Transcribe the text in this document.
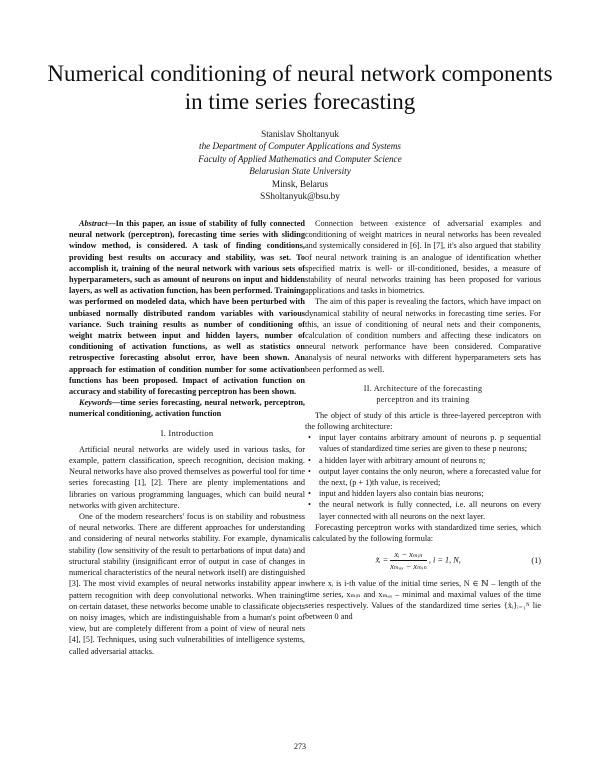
Numerical conditioning of neural network components in time series forecasting
Stanislav Sholtanyuk
the Department of Computer Applications and Systems
Faculty of Applied Mathematics and Computer Science
Belarusian State University
Minsk, Belarus
SSholtanyuk@bsu.by

Abstract—In this paper, an issue of stability of fully connected neural network (perceptron), forecasting time series with sliding window method, is considered. A task of finding conditions, providing best results on accuracy and stability, was set. To accomplish it, training of the neural network with various sets of hyperparameters, such as amount of neurons on input and hidden layers, as well as activation function, has been performed. Training was performed on modeled data, which have been perturbed with unbiased normally distributed random variables with various variance. Such training results as number of conditioning of weight matrix between input and hidden layers, number of conditioning of activation functions, as well as statistics on retrospective forecasting absolut error, have been shown. An approach for estimation of condition number for some activation functions has been proposed. Impact of activation function on accuracy and stability of forecasting perceptron has been shown.

Keywords—time series forecasting, neural network, perceptron, numerical conditioning, activation function

I. Introduction

Artificial neural networks are widely used in various tasks, for example, pattern classification, speech recognition, decision making. Neural networks have also proved themselves as powerful tool for time series forecasting [1], [2]. There are plenty implementations and libraries on various programming languages, which can build neural networks with given architecture.

One of the modern researchers' focus is on stability and robustness of neural networks. There are different approaches for understanding and considering of neural networks stability. For example, dynamical stability (low sensitivity of the result to pertarbations of input data) and structural stability (insignificant error of output in case of changes in numerical characteristics of the neural network itself) are distinguished [3]. The most vivid examples of neural networks instability appear in pattern recognition with deep convolutional networks. When training on certain dataset, these networks become unable to classificate objects on noisy images, which are indistinguishable from a human's point of view, but are completely different from a point of view of neural nets [4], [5]. Techniques, using such vulnerabilities of intelligence systems, called adversarial attacks.

Connection between existence of adversarial examples and conditioning of weight matrices in neural networks has been revealed and systemically considered in [6]. In [7], it's also argued that stability of neural network training is an analogue of identification whether specified matrix is well- or ill-conditioned, besides, a measure of stability of neural networks training has been proposed for various applications and tasks in biometrics.

The aim of this paper is revealing the factors, which have impact on dynamical stability of neural networks in forecasting time series. For this, an issue of conditioning of neural nets and their components, calculation of condition numbers and affecting these indicators on neural network performance have been considered. Comparative analysis of neural networks with different hyperparameters sets has been performed as well.

II. Architecture of the forecasting
perceptron and its training

The object of study of this article is three-layered perceptron with the following architecture:

• input layer contains arbitrary amount of neurons p. p sequential values of standardized time series are given to these p neurons;
• a hidden layer with arbitrary amount of neurons n;
• output layer contains the only neuron, where a forecasted value for the next, (p + 1)th value, is received;
• input and hidden layers also contain bias neurons;
• the neural network is fully connected, i.e. all neurons on every layer connected with all neurons on the next layer.

Forecasting perceptron works with standardized time series, which is calculated by the following formula:

x̃ᵢ = $\frac{\text{xᵢ − xₘᵢₙ}}{\text{xₘₐₓ − xₘᵢₙ}}$ , i = 1, N,	(1)

where xᵢ is i-th value of the initial time series, N ∈ ℕ – length of the time series, xₘᵢₙ and xₘₐₓ – minimal and maximal values of the time series respectively. Values of the standardized time series {x̃ᵢ}ᵢ₌₁ᴺ lie between 0 and

273
